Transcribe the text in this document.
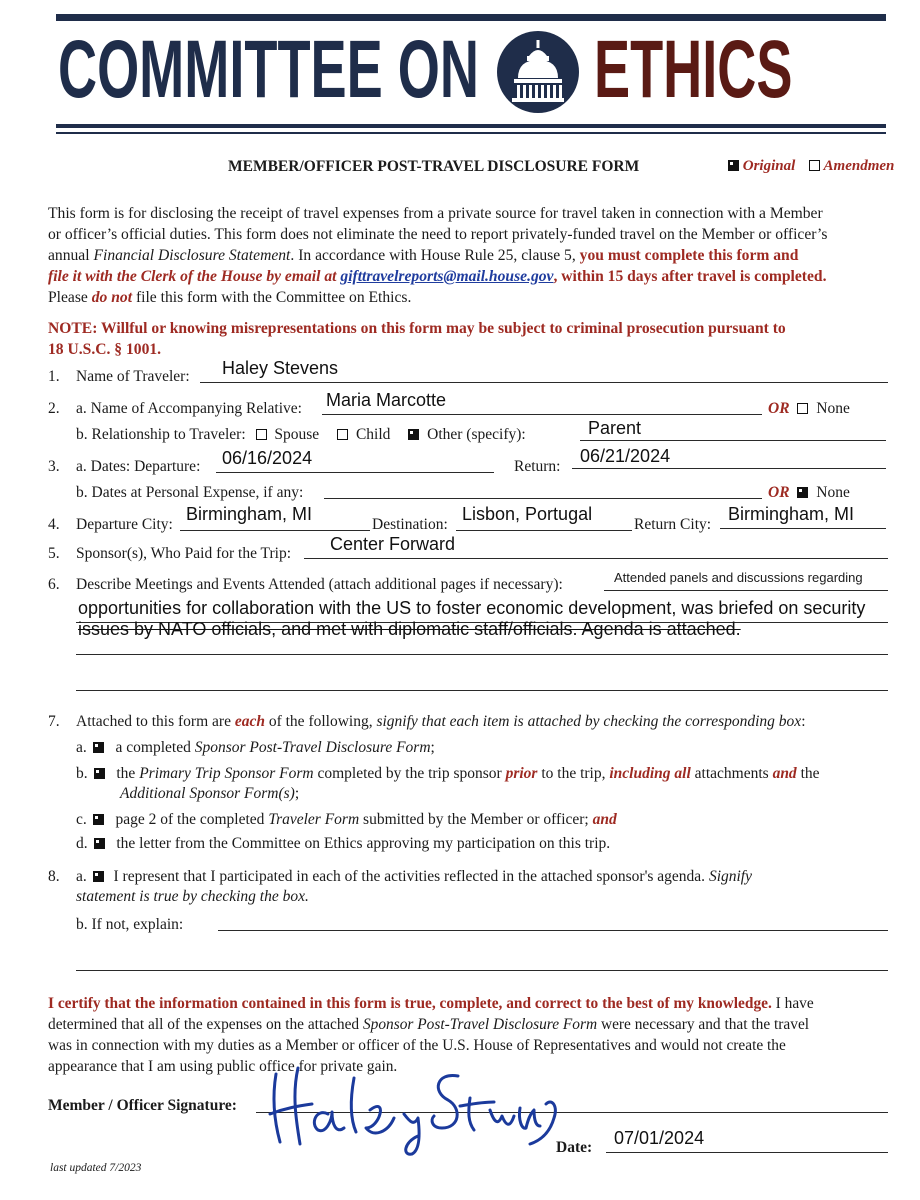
COMMITTEE ON ETHICS
MEMBER/OFFICER POST-TRAVEL DISCLOSURE FORM	Original Amendmen
This form is for disclosing the receipt of travel expenses from a private source for travel taken in connection with a Member
or officer’s official duties. This form does not eliminate the need to report privately-funded travel on the Member or officer’s
annual Financial Disclosure Statement. In accordance with House Rule 25, clause 5, you must complete this form and
file it with the Clerk of the House by email at gifttravelreports@mail.house.gov, within 15 days after travel is completed.
Please do not file this form with the Committee on Ethics.
NOTE: Willful or knowing misrepresentations on this form may be subject to criminal prosecution pursuant to
18 U.S.C. § 1001.
1. Name of Traveler: Haley Stevens
2. a. Name of Accompanying Relative: Maria Marcotte	OR None
b. Relationship to Traveler: Spouse Child Other (specify):	Parent
3. a. Dates: Departure: 06/16/2024	Return:
06/21/2024
b. Dates at Personal Expense, if any:	OR None
4. Departure City:
Birmingham, MI
Destination:
Lisbon, Portugal
Return City:
Birmingham, MI
5. Sponsor(s), Who Paid for the Trip: Center Forward
6. Describe Meetings and Events Attended (attach additional pages if necessary):	Attended panels and discussions regarding
opportunities for collaboration with the US to foster economic development, was briefed on security
issues by NATO officials, and met with diplomatic staff/officials. Agenda is attached.
7. Attached to this form are each of the following, signify that each item is attached by checking the corresponding box:
a. a completed Sponsor Post-Travel Disclosure Form;
b. the Primary Trip Sponsor Form completed by the trip sponsor prior to the trip, including all attachments and the
Additional Sponsor Form(s);
c. page 2 of the completed Traveler Form submitted by the Member or officer; and
d. the letter from the Committee on Ethics approving my participation on this trip.
8. a. I represent that I participated in each of the activities reflected in the attached sponsor's agenda. Signify
statement is true by checking the box.
b. If not, explain:
I certify that the information contained in this form is true, complete, and correct to the best of my knowledge. I have
determined that all of the expenses on the attached Sponsor Post-Travel Disclosure Form were necessary and that the travel
was in connection with my duties as a Member or officer of the U.S. House of Representatives and would not create the
appearance that I am using public office for private gain.
Member / Officer Signature:
Date: 07/01/2024
last updated 7/2023
